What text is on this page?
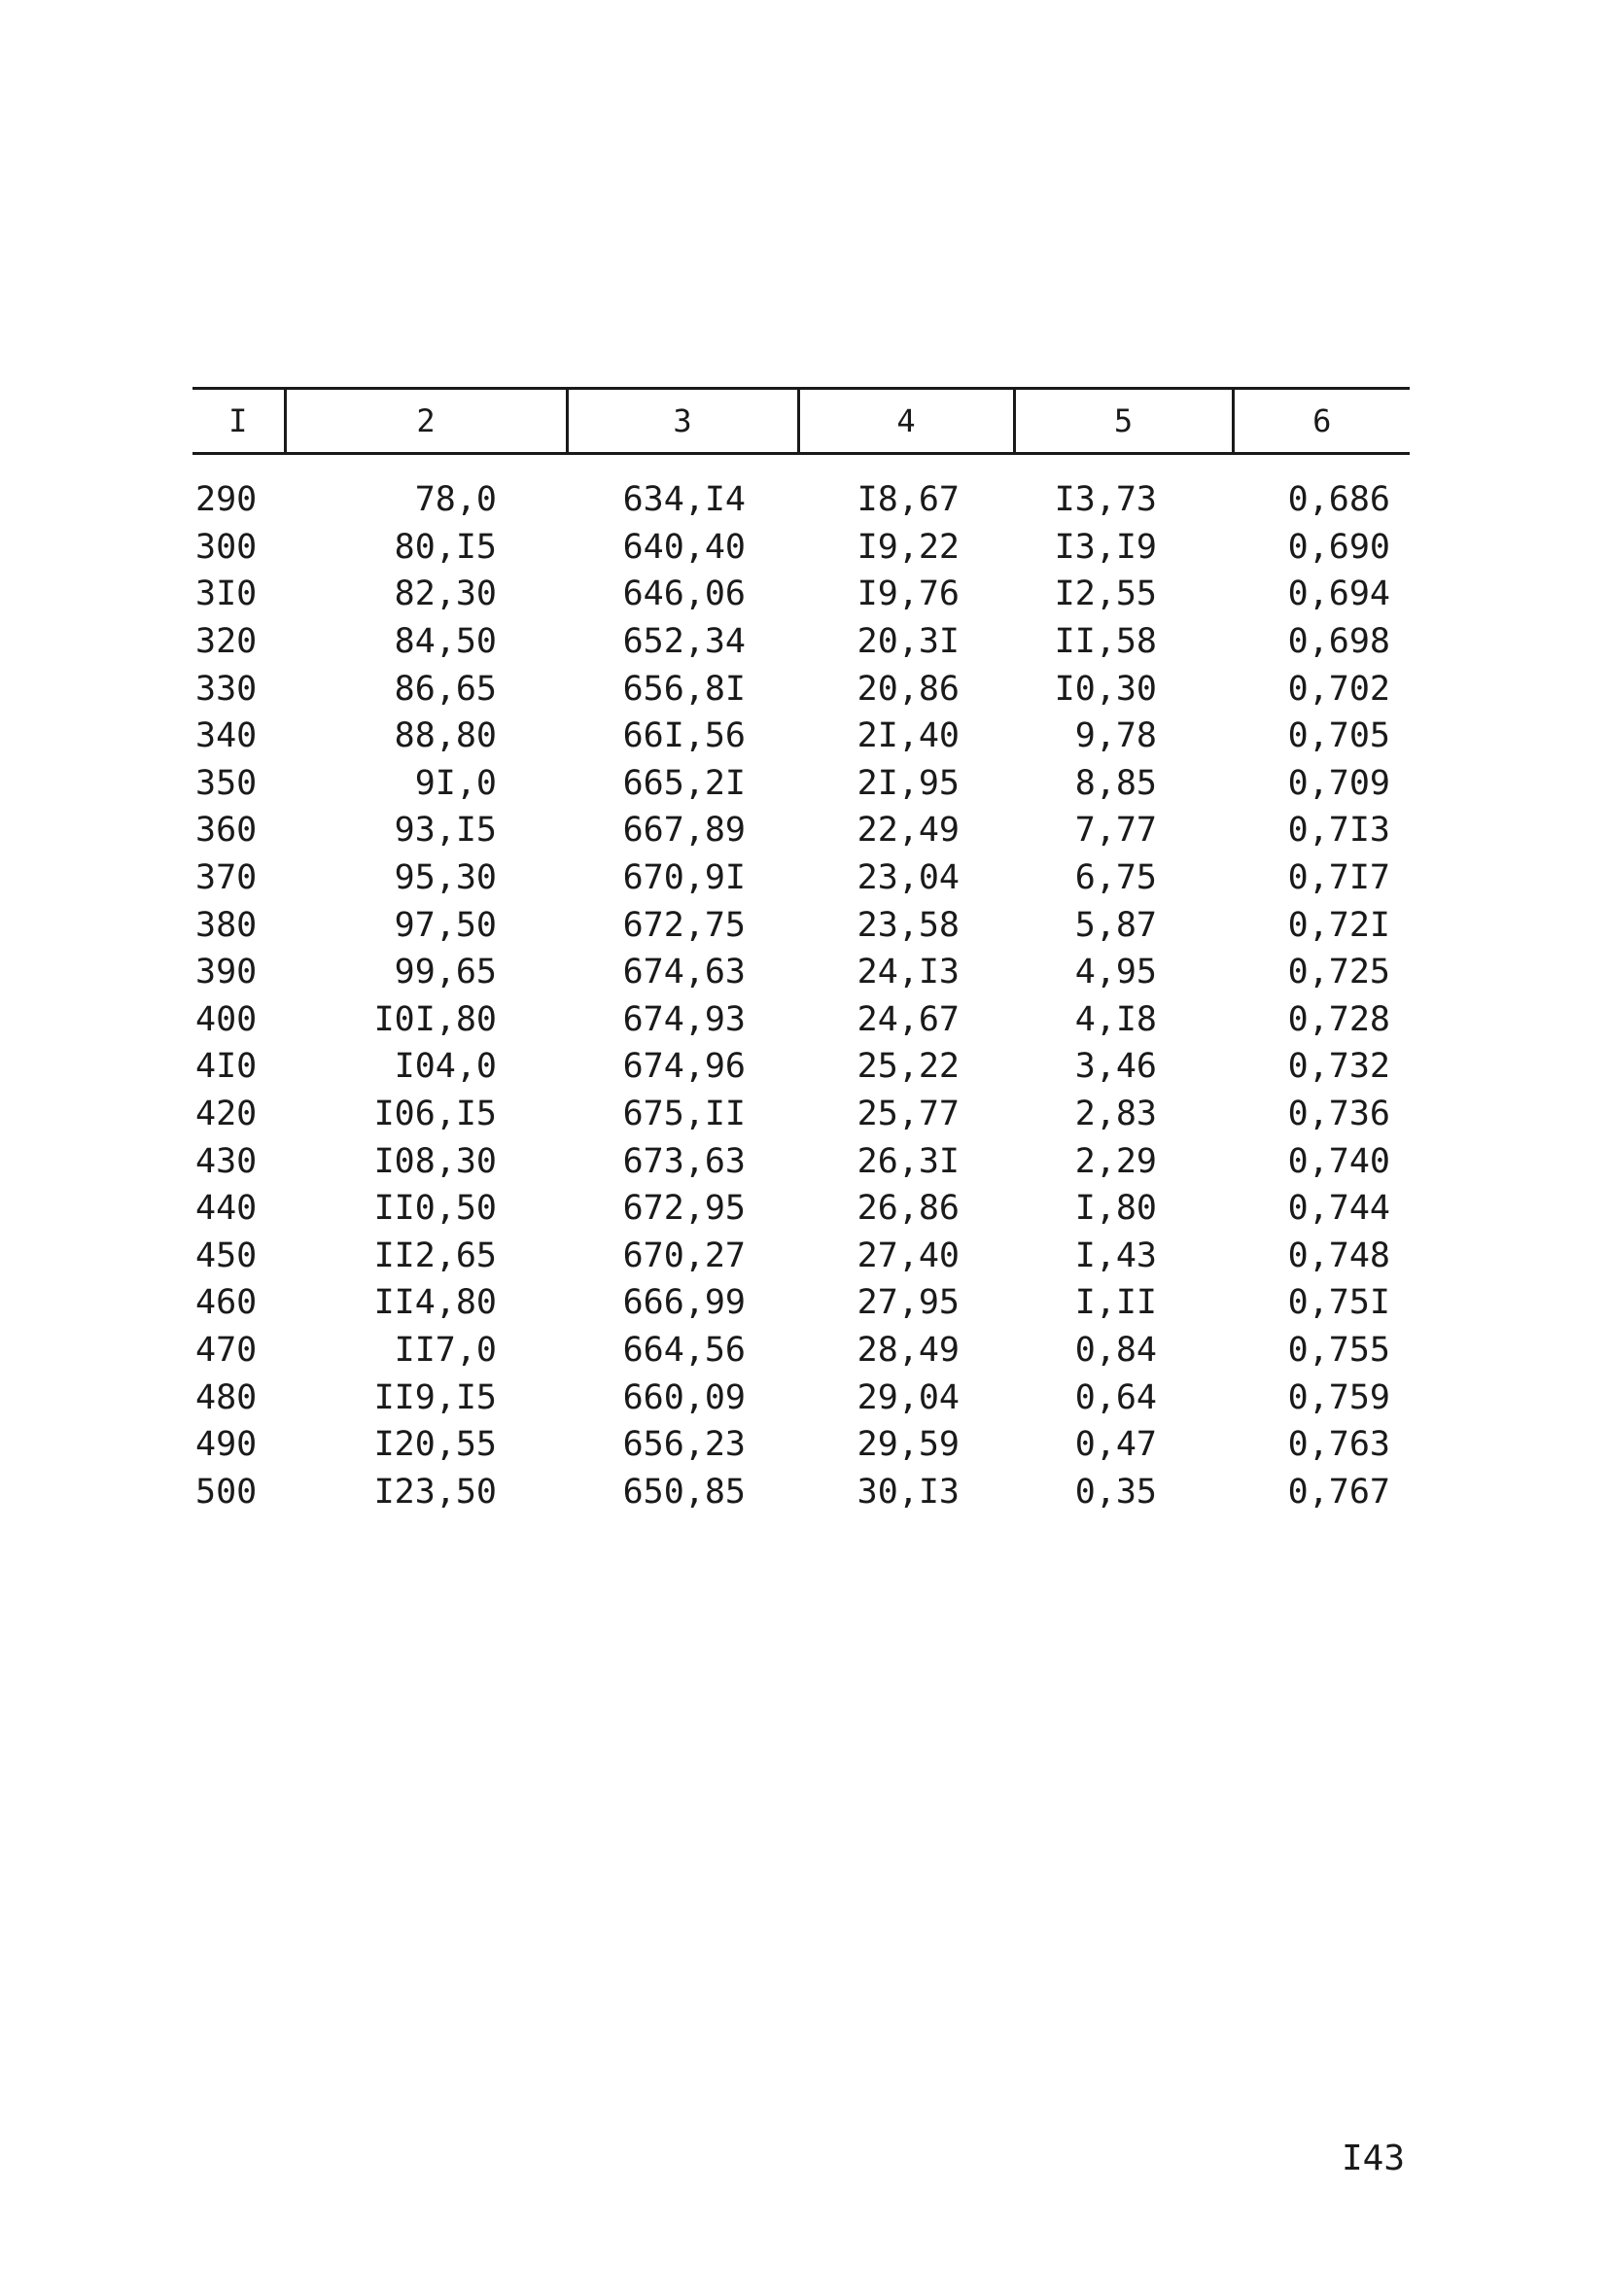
I	2	3	4	5	6
290	78,0	634,I4	I8,67	I3,73	0,686
300	80,I5	640,40	I9,22	I3,I9	0,690
3I0	82,30	646,06	I9,76	I2,55	0,694
320	84,50	652,34	20,3I	II,58	0,698
330	86,65	656,8I	20,86	I0,30	0,702
340	88,80	66I,56	2I,40	9,78	0,705
350	9I,0	665,2I	2I,95	8,85	0,709
360	93,I5	667,89	22,49	7,77	0,7I3
370	95,30	670,9I	23,04	6,75	0,7I7
380	97,50	672,75	23,58	5,87	0,72I
390	99,65	674,63	24,I3	4,95	0,725
400	I0I,80	674,93	24,67	4,I8	0,728
4I0	I04,0	674,96	25,22	3,46	0,732
420	I06,I5	675,II	25,77	2,83	0,736
430	I08,30	673,63	26,3I	2,29	0,740
440	II0,50	672,95	26,86	I,80	0,744
450	II2,65	670,27	27,40	I,43	0,748
460	II4,80	666,99	27,95	I,II	0,75I
470	II7,0	664,56	28,49	0,84	0,755
480	II9,I5	660,09	29,04	0,64	0,759
490	I20,55	656,23	29,59	0,47	0,763
500	I23,50	650,85	30,I3	0,35	0,767
I43
